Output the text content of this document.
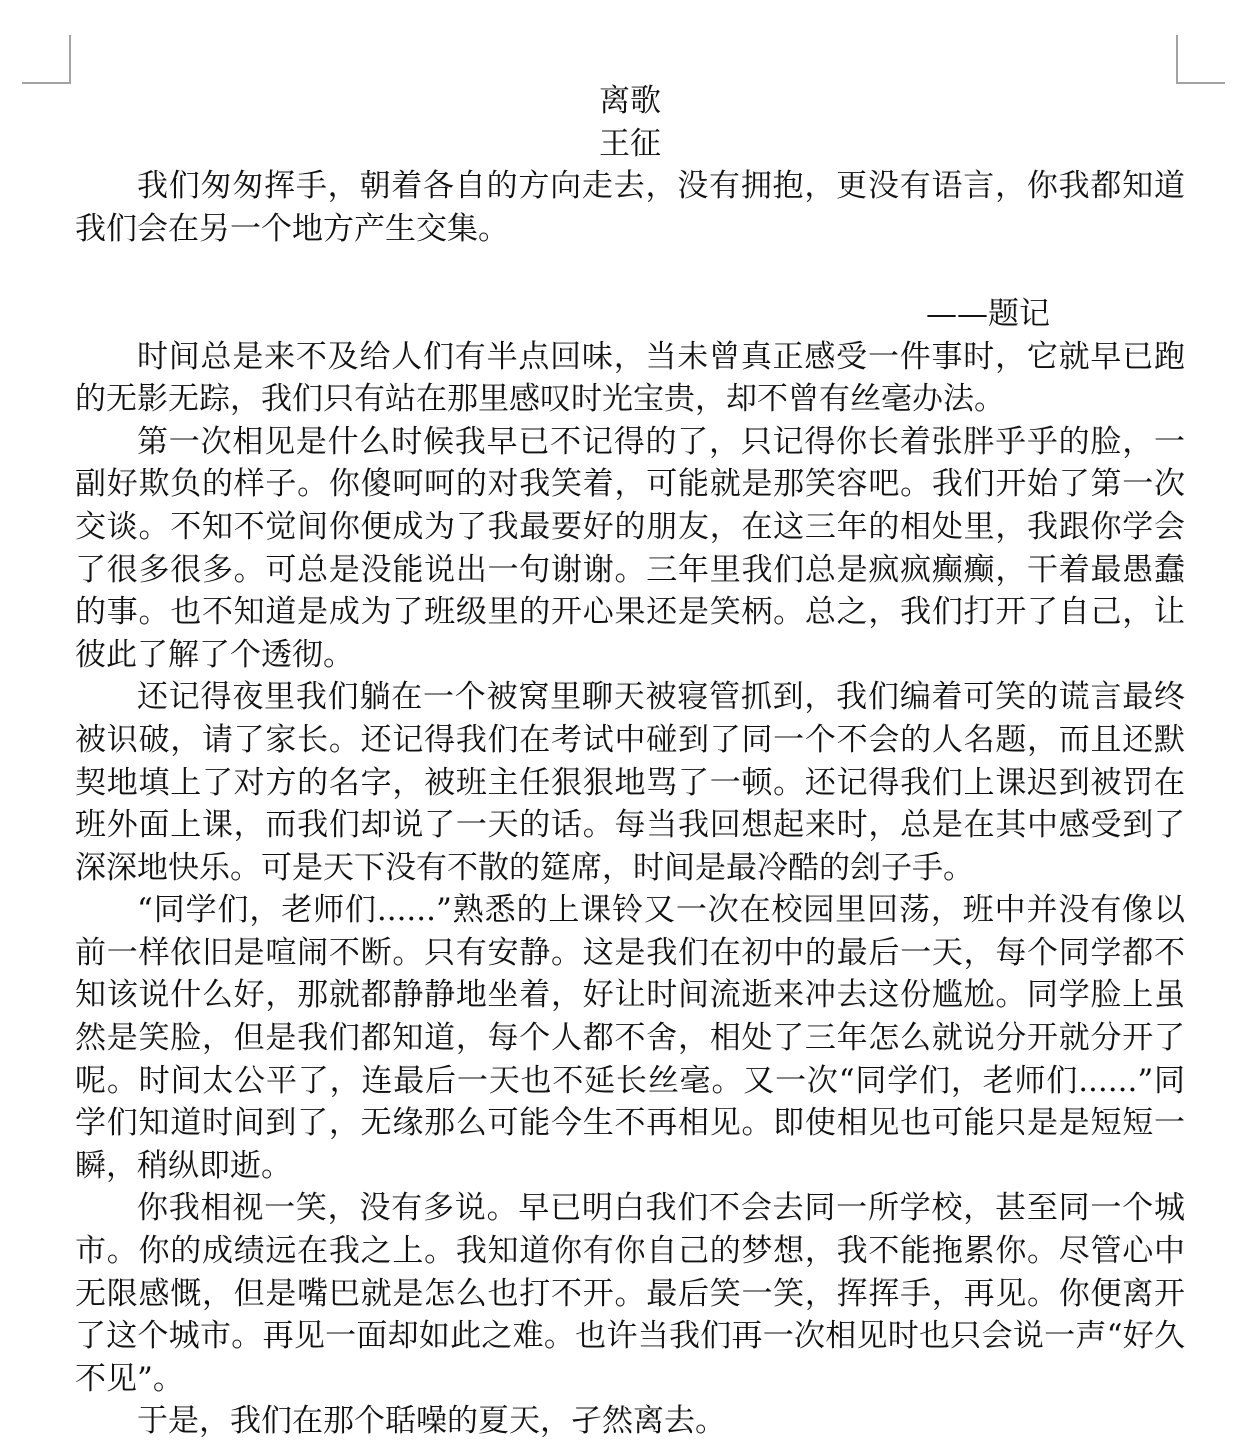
离歌
王征

我们匆匆挥手，朝着各自的方向走去，没有拥抱，更没有语言，你我都知道我们会在另一个地方产生交集。

——题记

时间总是来不及给人们有半点回味，当未曾真正感受一件事时，它就早已跑的无影无踪，我们只有站在那里感叹时光宝贵，却不曾有丝毫办法。

第一次相见是什么时候我早已不记得的了，只记得你长着张胖乎乎的脸，一副好欺负的样子。你傻呵呵的对我笑着，可能就是那笑容吧。我们开始了第一次交谈。不知不觉间你便成为了我最要好的朋友，在这三年的相处里，我跟你学会了很多很多。可总是没能说出一句谢谢。三年里我们总是疯疯癫癫，干着最愚蠢的事。也不知道是成为了班级里的开心果还是笑柄。总之，我们打开了自己，让彼此了解了个透彻。

还记得夜里我们躺在一个被窝里聊天被寝管抓到，我们编着可笑的谎言最终被识破，请了家长。还记得我们在考试中碰到了同一个不会的人名题，而且还默契地填上了对方的名字，被班主任狠狠地骂了一顿。还记得我们上课迟到被罚在班外面上课，而我们却说了一天的话。每当我回想起来时，总是在其中感受到了深深地快乐。可是天下没有不散的筵席，时间是最冷酷的刽子手。

“同学们，老师们......”熟悉的上课铃又一次在校园里回荡，班中并没有像以前一样依旧是喧闹不断。只有安静。这是我们在初中的最后一天，每个同学都不知该说什么好，那就都静静地坐着，好让时间流逝来冲去这份尴尬。同学脸上虽然是笑脸，但是我们都知道，每个人都不舍，相处了三年怎么就说分开就分开了呢。时间太公平了，连最后一天也不延长丝毫。又一次“同学们，老师们......”同学们知道时间到了，无缘那么可能今生不再相见。即使相见也可能只是是短短一瞬，稍纵即逝。

你我相视一笑，没有多说。早已明白我们不会去同一所学校，甚至同一个城市。你的成绩远在我之上。我知道你有你自己的梦想，我不能拖累你。尽管心中无限感慨，但是嘴巴就是怎么也打不开。最后笑一笑，挥挥手，再见。你便离开了这个城市。再见一面却如此之难。也许当我们再一次相见时也只会说一声“好久不见”。

于是，我们在那个聒噪的夏天，孑然离去。
